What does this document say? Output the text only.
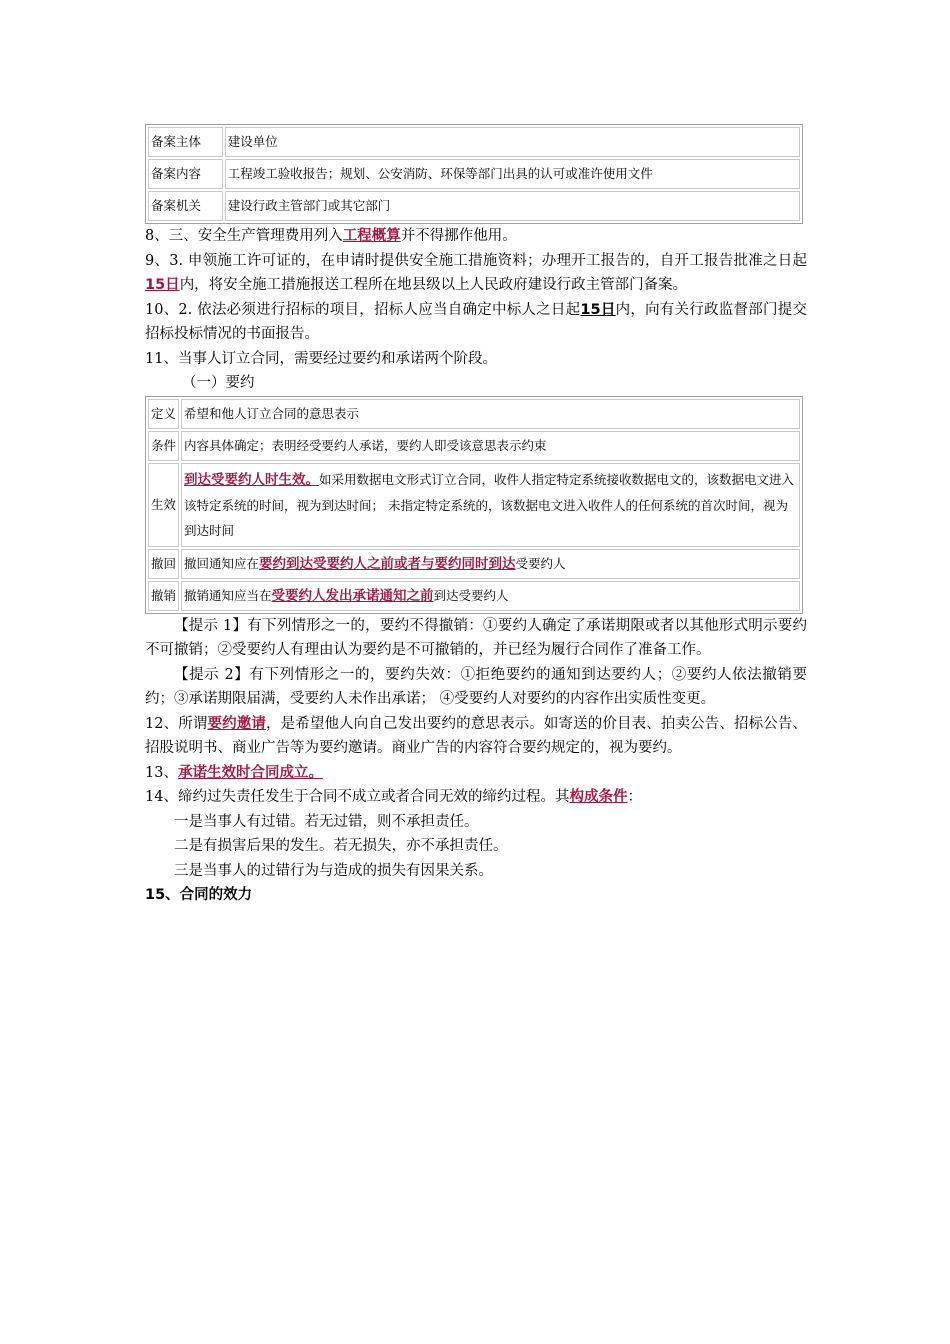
备案主体	建设单位
备案内容	工程竣工验收报告；规划、公安消防、环保等部门出具的认可或准许使用文件
备案机关	建设行政主管部门或其它部门
8、三、安全生产管理费用列入工程概算并不得挪作他用。
9、3. 申领施工许可证的，在申请时提供安全施工措施资料；办理开工报告的，自开工报告批准之日起15日内，将安全施工措施报送工程所在地县级以上人民政府建设行政主管部门备案。
10、2. 依法必须进行招标的项目，招标人应当自确定中标人之日起15日内，向有关行政监督部门提交招标投标情况的书面报告。
11、当事人订立合同，需要经过要约和承诺两个阶段。
（一）要约
定义	希望和他人订立合同的意思表示
条件	内容具体确定；表明经受要约人承诺，要约人即受该意思表示约束
生效	到达受要约人时生效。如采用数据电文形式订立合同，收件人指定特定系统接收数据电文的，该数据电文进入该特定系统的时间，视为到达时间； 未指定特定系统的，该数据电文进入收件人的任何系统的首次时间，视为到达时间
撤回	撤回通知应在要约到达受要约人之前或者与要约同时到达受要约人
撤销	撤销通知应当在受要约人发出承诺通知之前到达受要约人
【提示 1】有下列情形之一的，要约不得撤销：①要约人确定了承诺期限或者以其他形式明示要约不可撤销；②受要约人有理由认为要约是不可撤销的，并已经为履行合同作了准备工作。
【提示 2】有下列情形之一的，要约失效：①拒绝要约的通知到达要约人；②要约人依法撤销要约；③承诺期限届满，受要约人未作出承诺； ④受要约人对要约的内容作出实质性变更。
12、所谓要约邀请，是希望他人向自己发出要约的意思表示。如寄送的价目表、拍卖公告、招标公告、招股说明书、商业广告等为要约邀请。商业广告的内容符合要约规定的，视为要约。
13、承诺生效时合同成立。
14、缔约过失责任发生于合同不成立或者合同无效的缔约过程。其构成条件：
一是当事人有过错。若无过错，则不承担责任。
二是有损害后果的发生。若无损失，亦不承担责任。
三是当事人的过错行为与造成的损失有因果关系。
15、合同的效力
